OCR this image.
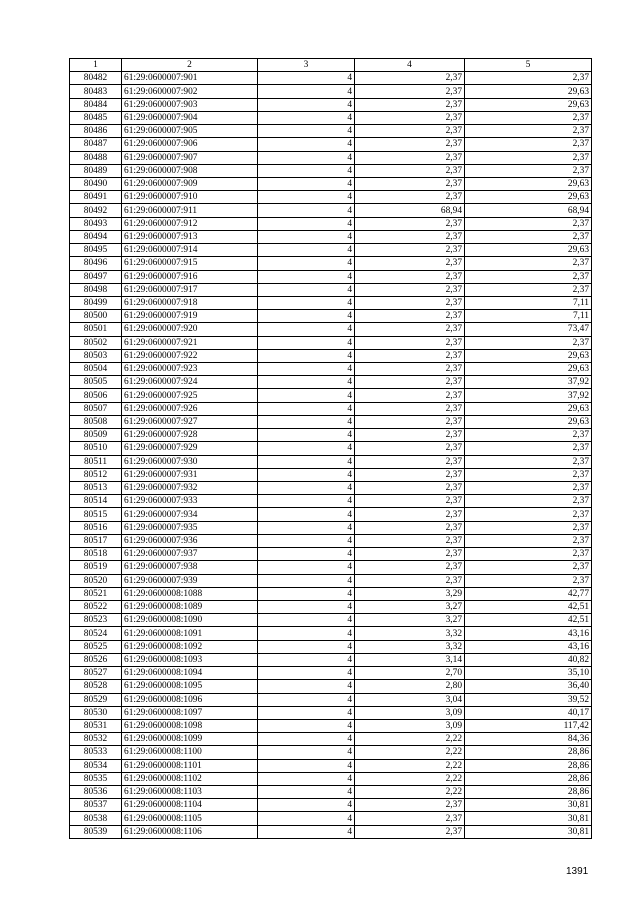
1	2	3	4	5
80482	61:29:0600007:901	4	2,37	2,37
80483	61:29:0600007:902	4	2,37	29,63
80484	61:29:0600007:903	4	2,37	29,63
80485	61:29:0600007:904	4	2,37	2,37
80486	61:29:0600007:905	4	2,37	2,37
80487	61:29:0600007:906	4	2,37	2,37
80488	61:29:0600007:907	4	2,37	2,37
80489	61:29:0600007:908	4	2,37	2,37
80490	61:29:0600007:909	4	2,37	29,63
80491	61:29:0600007:910	4	2,37	29,63
80492	61:29:0600007:911	4	68,94	68,94
80493	61:29:0600007:912	4	2,37	2,37
80494	61:29:0600007:913	4	2,37	2,37
80495	61:29:0600007:914	4	2,37	29,63
80496	61:29:0600007:915	4	2,37	2,37
80497	61:29:0600007:916	4	2,37	2,37
80498	61:29:0600007:917	4	2,37	2,37
80499	61:29:0600007:918	4	2,37	7,11
80500	61:29:0600007:919	4	2,37	7,11
80501	61:29:0600007:920	4	2,37	73,47
80502	61:29:0600007:921	4	2,37	2,37
80503	61:29:0600007:922	4	2,37	29,63
80504	61:29:0600007:923	4	2,37	29,63
80505	61:29:0600007:924	4	2,37	37,92
80506	61:29:0600007:925	4	2,37	37,92
80507	61:29:0600007:926	4	2,37	29,63
80508	61:29:0600007:927	4	2,37	29,63
80509	61:29:0600007:928	4	2,37	2,37
80510	61:29:0600007:929	4	2,37	2,37
80511	61:29:0600007:930	4	2,37	2,37
80512	61:29:0600007:931	4	2,37	2,37
80513	61:29:0600007:932	4	2,37	2,37
80514	61:29:0600007:933	4	2,37	2,37
80515	61:29:0600007:934	4	2,37	2,37
80516	61:29:0600007:935	4	2,37	2,37
80517	61:29:0600007:936	4	2,37	2,37
80518	61:29:0600007:937	4	2,37	2,37
80519	61:29:0600007:938	4	2,37	2,37
80520	61:29:0600007:939	4	2,37	2,37
80521	61:29:0600008:1088	4	3,29	42,77
80522	61:29:0600008:1089	4	3,27	42,51
80523	61:29:0600008:1090	4	3,27	42,51
80524	61:29:0600008:1091	4	3,32	43,16
80525	61:29:0600008:1092	4	3,32	43,16
80526	61:29:0600008:1093	4	3,14	40,82
80527	61:29:0600008:1094	4	2,70	35,10
80528	61:29:0600008:1095	4	2,80	36,40
80529	61:29:0600008:1096	4	3,04	39,52
80530	61:29:0600008:1097	4	3,09	40,17
80531	61:29:0600008:1098	4	3,09	117,42
80532	61:29:0600008:1099	4	2,22	84,36
80533	61:29:0600008:1100	4	2,22	28,86
80534	61:29:0600008:1101	4	2,22	28,86
80535	61:29:0600008:1102	4	2,22	28,86
80536	61:29:0600008:1103	4	2,22	28,86
80537	61:29:0600008:1104	4	2,37	30,81
80538	61:29:0600008:1105	4	2,37	30,81
80539	61:29:0600008:1106	4	2,37	30,81
1391
